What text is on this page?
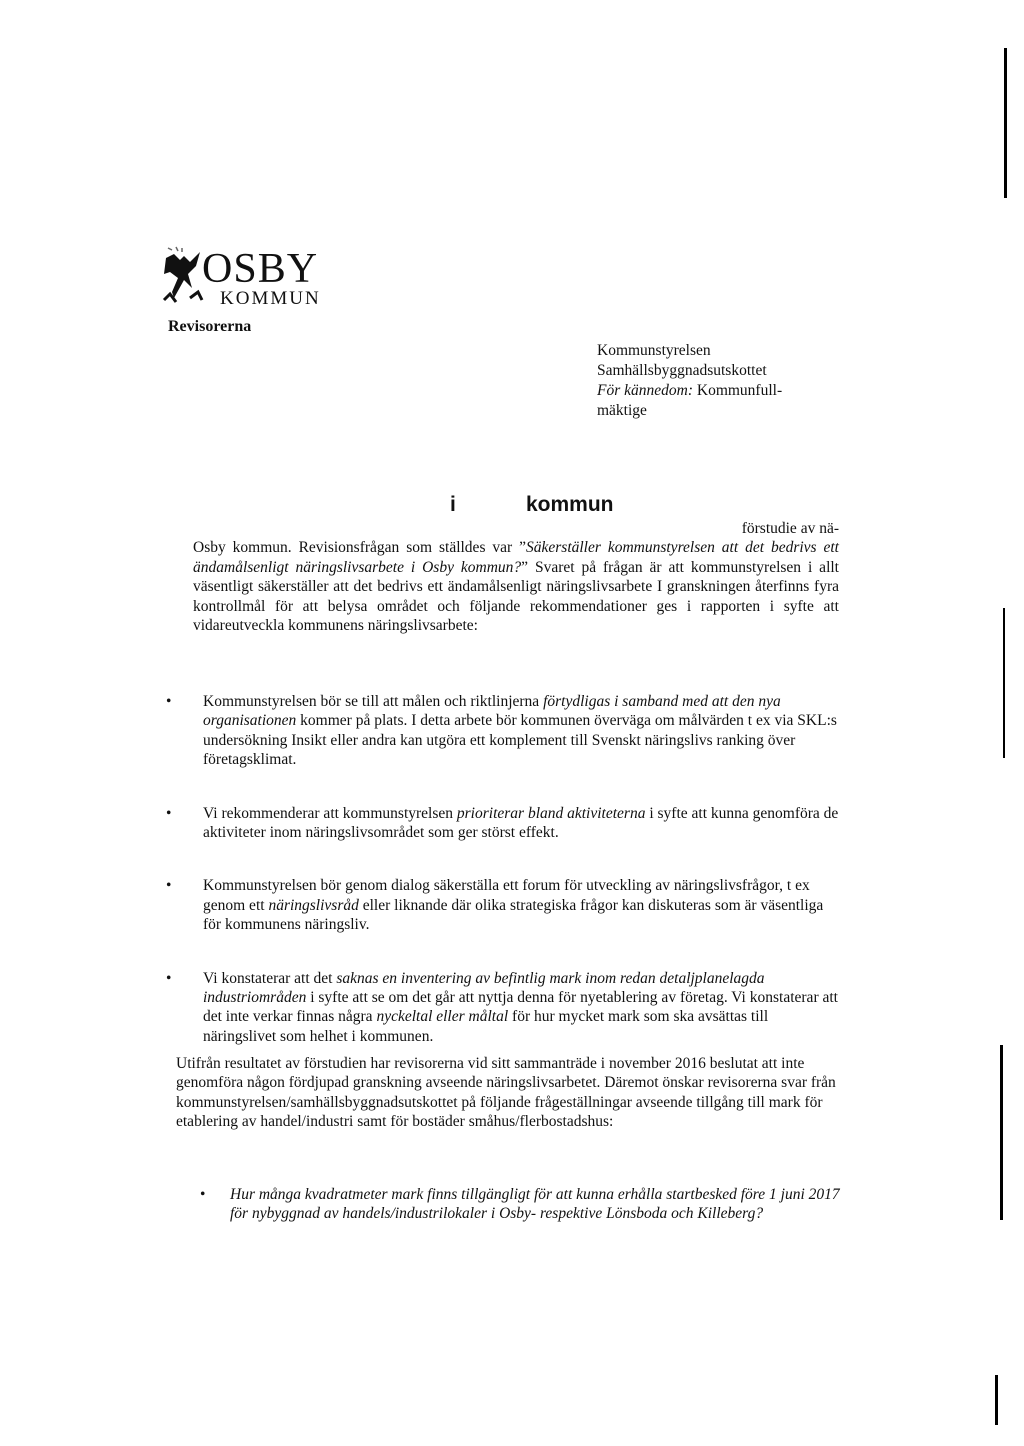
OSBY
KOMMUN
Revisorerna
Kommunstyrelsen
Samhällsbyggnadsutskottet
För kännedom: Kommunfull-
mäktige
i	kommun

förstudie av nä-

Osby kommun. Revisionsfrågan som ställdes var ”Säkerställer kommunstyrelsen att det bedrivs ett ändamålsenligt näringslivsarbete i Osby kommun?” Svaret på frågan är att kommunstyrelsen i allt väsentligt säkerställer att det bedrivs ett ändamålsenligt näringslivsarbete I granskningen återfinns fyra kontrollmål för att belysa området och följande rekommendationer ges i rapporten i syfte att vidareutveckla kommunens näringslivsarbete:

• Kommunstyrelsen bör se till att målen och riktlinjerna förtydligas i samband med att den nya organisationen kommer på plats. I detta arbete bör kommunen överväga om målvärden t ex via SKL:s undersökning Insikt eller andra kan utgöra ett komplement till Svenskt näringslivs ranking över företagsklimat.
• Vi rekommenderar att kommunstyrelsen prioriterar bland aktiviteterna i syfte att kunna genomföra de aktiviteter inom näringslivsområdet som ger störst effekt.
• Kommunstyrelsen bör genom dialog säkerställa ett forum för utveckling av näringslivsfrågor, t ex genom ett näringslivsråd eller liknande där olika strategiska frågor kan diskuteras som är väsentliga för kommunens näringsliv.
• Vi konstaterar att det saknas en inventering av befintlig mark inom redan detaljplanelagda industriområden i syfte att se om det går att nyttja denna för nyetablering av företag. Vi konstaterar att det inte verkar finnas några nyckeltal eller måltal för hur mycket mark som ska avsättas till näringslivet som helhet i kommunen.

Utifrån resultatet av förstudien har revisorerna vid sitt sammanträde i november 2016 beslutat att inte genomföra någon fördjupad granskning avseende näringslivsarbetet. Däremot önskar revisorerna svar från kommunstyrelsen/samhällsbyggnadsutskottet på följande frågeställningar avseende tillgång till mark för etablering av handel/industri samt för bostäder småhus/flerbostadshus:

•	Hur många kvadratmeter mark finns tillgängligt för att kunna erhålla startbesked före 1 juni 2017 för nybyggnad av handels/industrilokaler i Osby- respektive Lönsboda och Killeberg?
